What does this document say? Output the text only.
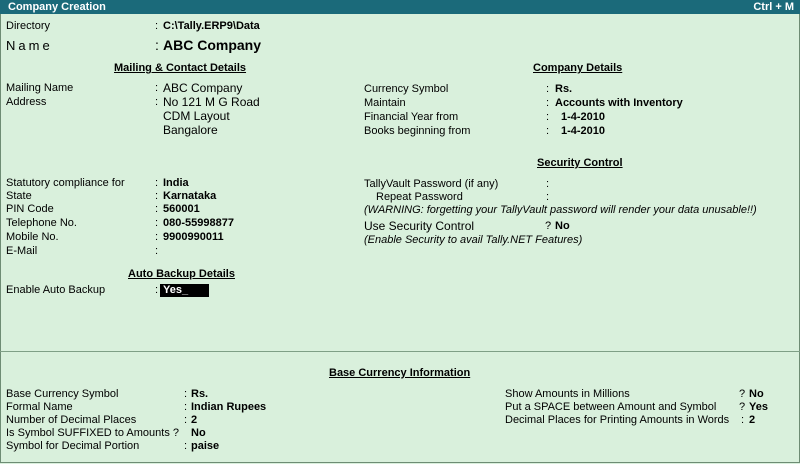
Company Creation	Ctrl + M
Directory	: C:\Tally.ERP9\Data
Name	: ABC Company
Mailing & Contact Details
Mailing Name	: ABC Company
Address	: No 121 M G Road
CDM Layout
Bangalore
Statutory compliance for	: India
State	: Karnataka
PIN Code	: 560001
Telephone No.	: 080-55998877
Mobile No.	: 9900990011
E-Mail	:
Auto Backup Details
Enable Auto Backup	: Yes_
Company Details
Currency Symbol	: Rs.
Maintain	: Accounts with Inventory
Financial Year from	: 1-4-2010
Books beginning from	: 1-4-2010
Security Control
TallyVault Password (if any)	:
Repeat Password	:
(WARNING: forgetting your TallyVault password will render your data unusable!!)
Use Security Control	? No
(Enable Security to avail Tally.NET Features)
Base Currency Information
Base Currency Symbol	: Rs.
Formal Name	: Indian Rupees
Number of Decimal Places	: 2
Is Symbol SUFFIXED to Amounts ? No
Symbol for Decimal Portion	: paise
Show Amounts in Millions	? No
Put a SPACE between Amount and Symbol ? Yes
Decimal Places for Printing Amounts in Words : 2
